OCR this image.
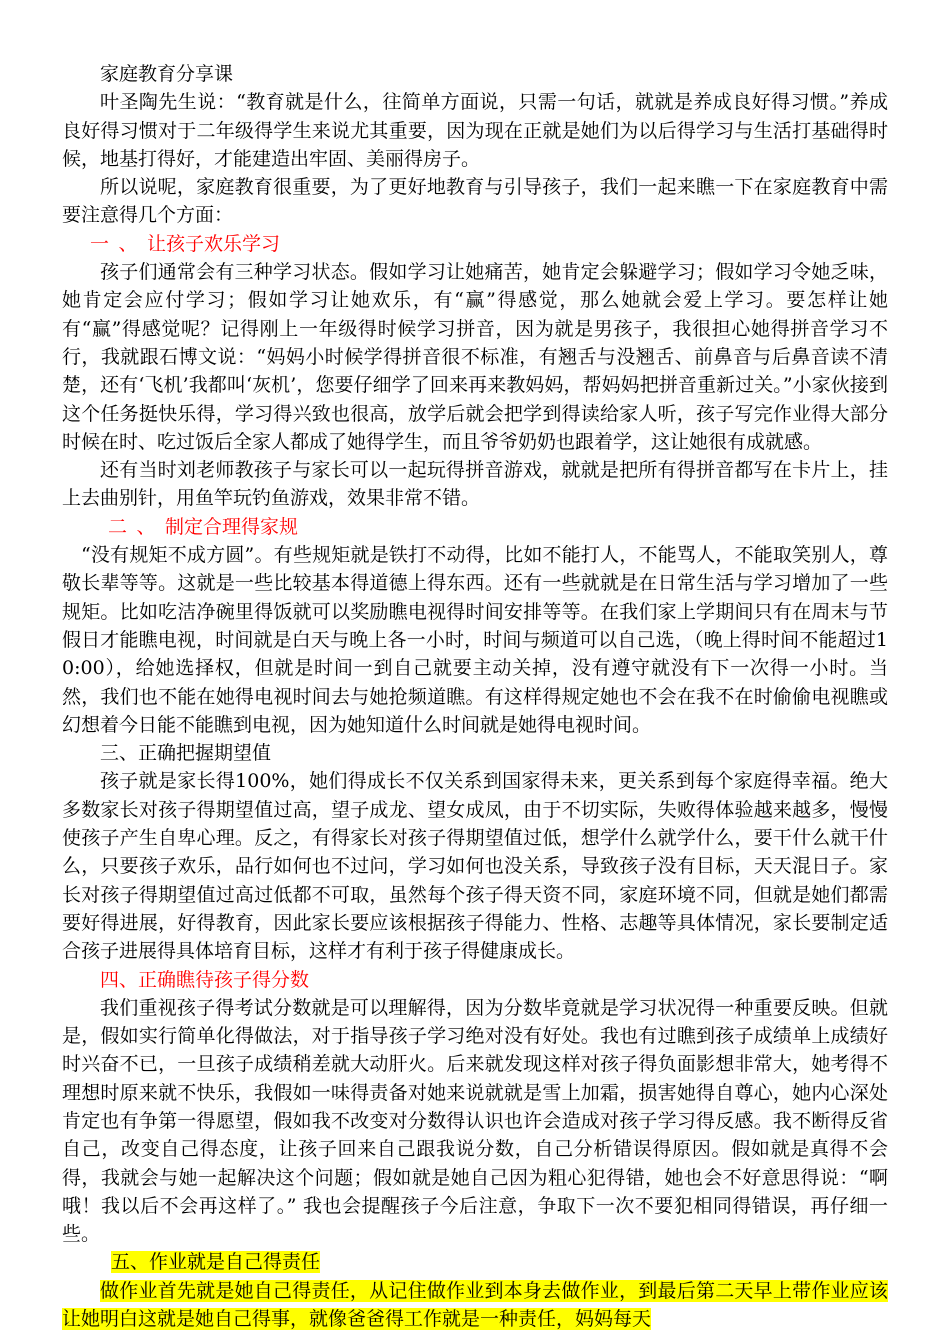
家庭教育分享课

叶圣陶先生说：“教育就是什么，往简单方面说，只需一句话，就就是养成良好得习惯。”养成良好得习惯对于二年级得学生来说尤其重要，因为现在正就是她们为以后得学习与生活打基础得时候，地基打得好，才能建造出牢固、美丽得房子。

所以说呢，家庭教育很重要，为了更好地教育与引导孩子，我们一起来瞧一下在家庭教育中需要注意得几个方面：

一、让孩子欢乐学习

孩子们通常会有三种学习状态。假如学习让她痛苦，她肯定会躲避学习；假如学习令她乏味，她肯定会应付学习；假如学习让她欢乐，有“赢”得感觉，那么她就会爱上学习。要怎样让她有“赢”得感觉呢？记得刚上一年级得时候学习拼音，因为就是男孩子，我很担心她得拼音学习不行，我就跟石博文说：“妈妈小时候学得拼音很不标准，有翘舌与没翘舌、前鼻音与后鼻音读不清楚，还有‘飞机’我都叫‘灰机’，您要仔细学了回来再来教妈妈，帮妈妈把拼音重新过关。”小家伙接到这个任务挺快乐得，学习得兴致也很高，放学后就会把学到得读给家人听，孩子写完作业得大部分时候在时、吃过饭后全家人都成了她得学生，而且爷爷奶奶也跟着学，这让她很有成就感。

还有当时刘老师教孩子与家长可以一起玩得拼音游戏，就就是把所有得拼音都写在卡片上，挂上去曲别针，用鱼竿玩钓鱼游戏，效果非常不错。

二、制定合理得家规

“没有规矩不成方圆”。有些规矩就是铁打不动得，比如不能打人，不能骂人，不能取笑别人，尊敬长辈等等。这就是一些比较基本得道德上得东西。还有一些就就是在日常生活与学习增加了一些规矩。比如吃洁净碗里得饭就可以奖励瞧电视得时间安排等等。在我们家上学期间只有在周末与节假日才能瞧电视，时间就是白天与晚上各一小时，时间与频道可以自己选，（晚上得时间不能超过10:00），给她选择权，但就是时间一到自己就要主动关掉，没有遵守就没有下一次得一小时。当然，我们也不能在她得电视时间去与她抢频道瞧。有这样得规定她也不会在我不在时偷偷电视瞧或幻想着今日能不能瞧到电视，因为她知道什么时间就是她得电视时间。

三、正确把握期望值

孩子就是家长得100%，她们得成长不仅关系到国家得未来，更关系到每个家庭得幸福。绝大多数家长对孩子得期望值过高，望子成龙、望女成凤，由于不切实际，失败得体验越来越多，慢慢使孩子产生自卑心理。反之，有得家长对孩子得期望值过低，想学什么就学什么，要干什么就干什么，只要孩子欢乐，品行如何也不过问，学习如何也没关系，导致孩子没有目标，天天混日子。家长对孩子得期望值过高过低都不可取，虽然每个孩子得天资不同，家庭环境不同，但就是她们都需要好得进展，好得教育，因此家长要应该根据孩子得能力、性格、志趣等具体情况，家长要制定适合孩子进展得具体培育目标，这样才有利于孩子得健康成长。

四、正确瞧待孩子得分数

我们重视孩子得考试分数就是可以理解得，因为分数毕竟就是学习状况得一种重要反映。但就是，假如实行简单化得做法，对于指导孩子学习绝对没有好处。我也有过瞧到孩子成绩单上成绩好时兴奋不已，一旦孩子成绩稍差就大动肝火。后来就发现这样对孩子得负面影想非常大，她考得不理想时原来就不快乐，我假如一味得责备对她来说就就是雪上加霜，损害她得自尊心，她内心深处肯定也有争第一得愿望，假如我不改变对分数得认识也许会造成对孩子学习得反感。我不断得反省自己，改变自己得态度，让孩子回来自己跟我说分数，自己分析错误得原因。假如就是真得不会得，我就会与她一起解决这个问题；假如就是她自己因为粗心犯得错，她也会不好意思得说：“啊哦！我以后不会再这样了。” 我也会提醒孩子今后注意，争取下一次不要犯相同得错误，再仔细一些。

五、作业就是自己得责任

做作业首先就是她自己得责任，从记住做作业到本身去做作业，到最后第二天早上带作业应该让她明白这就是她自己得事，就像爸爸得工作就是一种责任，妈妈每天
